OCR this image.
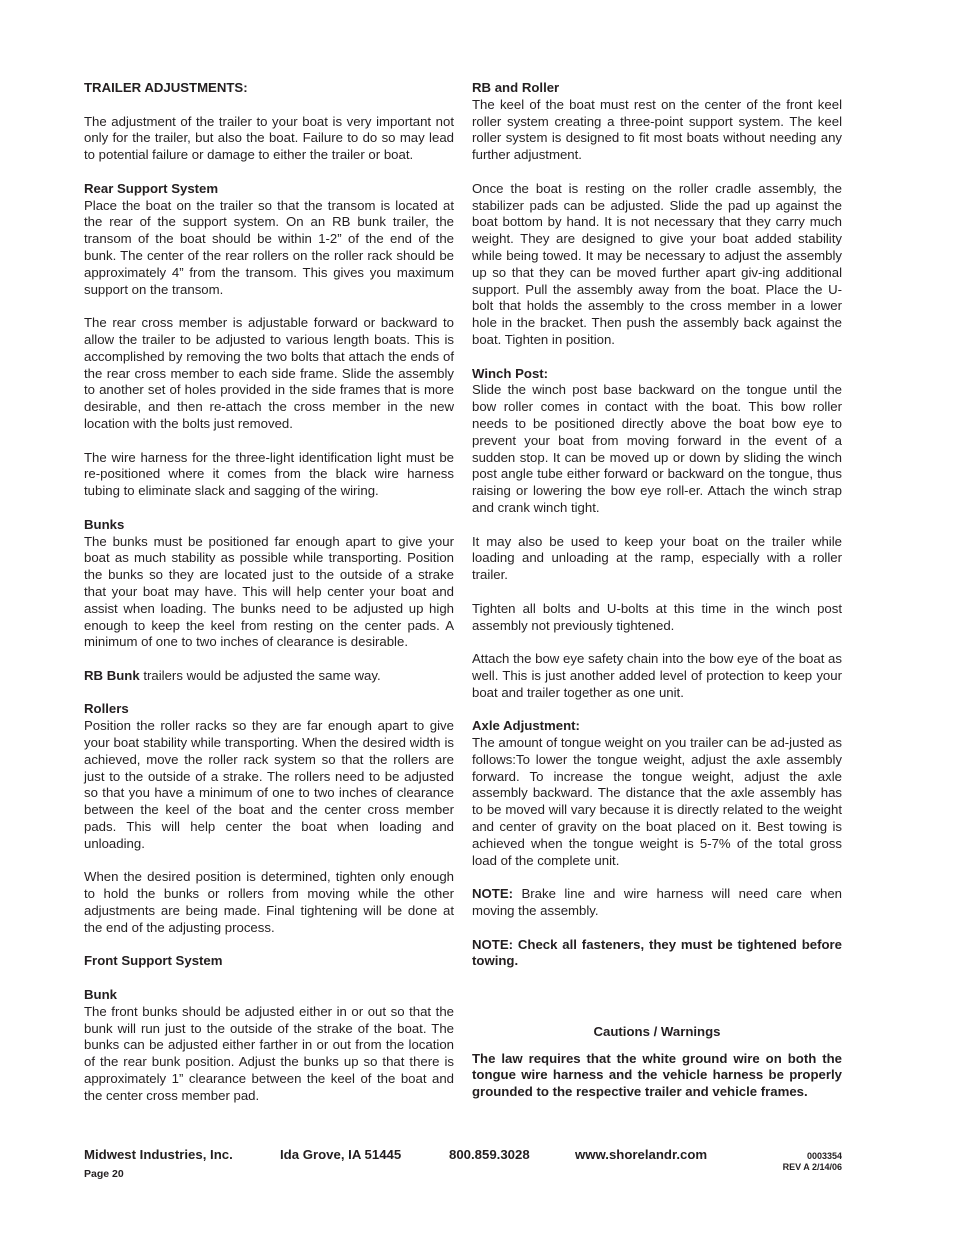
TRAILER ADJUSTMENTS:

The adjustment of the trailer to your boat is very important not only for the trailer, but also the boat. Failure to do so may lead to potential failure or damage to either the trailer or boat.

Rear Support System

Place the boat on the trailer so that the transom is located at the rear of the support system. On an RB bunk trailer, the transom of the boat should be within 1-2” of the end of the bunk. The center of the rear rollers on the roller rack should be approximately 4” from the transom. This gives you maximum support on the transom.

The rear cross member is adjustable forward or backward to allow the trailer to be adjusted to various length boats. This is accomplished by removing the two bolts that attach the ends of the rear cross member to each side frame. Slide the assembly to another set of holes provided in the side frames that is more desirable, and then re-attach the cross member in the new location with the bolts just removed.

The wire harness for the three-light identification light must be re-positioned where it comes from the black wire harness tubing to eliminate slack and sagging of the wiring.

Bunks

The bunks must be positioned far enough apart to give your boat as much stability as possible while transporting. Position the bunks so they are located just to the outside of a strake that your boat may have. This will help center your boat and assist when loading. The bunks need to be adjusted up high enough to keep the keel from resting on the center pads. A minimum of one to two inches of clearance is desirable.

RB Bunk trailers would be adjusted the same way.

Rollers

Position the roller racks so they are far enough apart to give your boat stability while transporting. When the desired width is achieved, move the roller rack system so that the rollers are just to the outside of a strake. The rollers need to be adjusted so that you have a minimum of one to two inches of clearance between the keel of the boat and the center cross member pads. This will help center the boat when loading and unloading.

When the desired position is determined, tighten only enough to hold the bunks or rollers from moving while the other adjustments are being made. Final tightening will be done at the end of the adjusting process.

Front Support System

Bunk

The front bunks should be adjusted either in or out so that the bunk will run just to the outside of the strake of the boat. The bunks can be adjusted either farther in or out from the location of the rear bunk position. Adjust the bunks up so that there is approximately 1” clearance between the keel of the boat and the center cross member pad.

RB and Roller

The keel of the boat must rest on the center of the front keel roller system creating a three-point support system. The keel roller system is designed to fit most boats without needing any further adjustment.

Once the boat is resting on the roller cradle assembly, the stabilizer pads can be adjusted. Slide the pad up against the boat bottom by hand. It is not necessary that they carry much weight. They are designed to give your boat added stability while being towed. It may be necessary to adjust the assembly up so that they can be moved further apart giv-ing additional support. Pull the assembly away from the boat. Place the U-bolt that holds the assembly to the cross member in a lower hole in the bracket. Then push the assembly back against the boat. Tighten in position.

Winch Post:

Slide the winch post base backward on the tongue until the bow roller comes in contact with the boat. This bow roller needs to be positioned directly above the boat bow eye to prevent your boat from moving forward in the event of a sudden stop. It can be moved up or down by sliding the winch post angle tube either forward or backward on the tongue, thus raising or lowering the bow eye roll-er. Attach the winch strap and crank winch tight.

It may also be used to keep your boat on the trailer while loading and unloading at the ramp, especially with a roller trailer.

Tighten all bolts and U-bolts at this time in the winch post assembly not previously tightened.

Attach the bow eye safety chain into the bow eye of the boat as well. This is just another added level of protection to keep your boat and trailer together as one unit.

Axle Adjustment:

The amount of tongue weight on you trailer can be ad-justed as follows:To lower the tongue weight, adjust the axle assembly forward. To increase the tongue weight, adjust the axle assembly backward. The distance that the axle assembly has to be moved will vary because it is directly related to the weight and center of gravity on the boat placed on it. Best towing is achieved when the tongue weight is 5-7% of the total gross load of the complete unit.

NOTE: Brake line and wire harness will need care when moving the assembly.

NOTE: Check all fasteners, they must be tightened before towing.

Cautions / Warnings

The law requires that the white ground wire on both the tongue wire harness and the vehicle harness be properly grounded to the respective trailer and vehicle frames.

Midwest Industries, Inc.	Ida Grove, IA 51445	800.859.3028	www.shorelandr.com	0003354
REV A 2/14/06
Page 20
